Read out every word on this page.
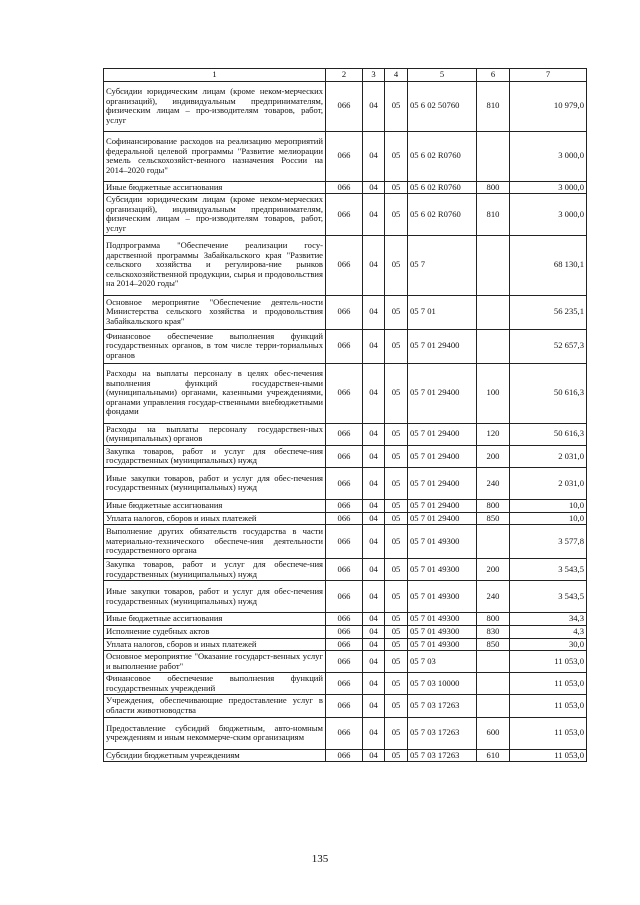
1	2	3	4	5	6	7
Субсидии юридическим лицам (кроме неком-мерческих организаций), индивидуальным предпринимателям, физическим лицам – про-изводителям товаров, работ, услуг	066	04	05	05 6 02 50760	810	10 979,0
Софинансирование расходов на реализацию мероприятий федеральной целевой программы "Развитие мелиорации земель сельскохозяйст-венного назначения России на 2014–2020 годы"	066	04	05	05 6 02 R0760		3 000,0
Иные бюджетные ассигнования	066	04	05	05 6 02 R0760	800	3 000,0
Субсидии юридическим лицам (кроме неком-мерческих организаций), индивидуальным предпринимателям, физическим лицам – про-изводителям товаров, работ, услуг	066	04	05	05 6 02 R0760	810	3 000,0
Подпрограмма "Обеспечение реализации госу-дарственной программы Забайкальского края "Развитие сельского хозяйства и регулирова-ние рынков сельскохозяйственной продукции, сырья и продовольствия на 2014–2020 годы"	066	04	05	05 7		68 130,1
Основное мероприятие "Обеспечение деятель-ности Министерства сельского хозяйства и продовольствия Забайкальского края"	066	04	05	05 7 01		56 235,1
Финансовое обеспечение выполнения функций государственных органов, в том числе терри-ториальных органов	066	04	05	05 7 01 29400		52 657,3
Расходы на выплаты персоналу в целях обес-печения выполнения функций государствен-ными (муниципальными) органами, казенными учреждениями, органами управления государ-ственными внебюджетными фондами	066	04	05	05 7 01 29400	100	50 616,3
Расходы на выплаты персоналу государствен-ных (муниципальных) органов	066	04	05	05 7 01 29400	120	50 616,3
Закупка товаров, работ и услуг для обеспече-ния государственных (муниципальных) нужд	066	04	05	05 7 01 29400	200	2 031,0
Иные закупки товаров, работ и услуг для обес-печения государственных (муниципальных) нужд	066	04	05	05 7 01 29400	240	2 031,0
Иные бюджетные ассигнования	066	04	05	05 7 01 29400	800	10,0
Уплата налогов, сборов и иных платежей	066	04	05	05 7 01 29400	850	10,0
Выполнение других обязательств государства в части материально-технического обеспече-ния деятельности государственного органа	066	04	05	05 7 01 49300		3 577,8
Закупка товаров, работ и услуг для обеспече-ния государственных (муниципальных) нужд	066	04	05	05 7 01 49300	200	3 543,5
Иные закупки товаров, работ и услуг для обес-печения государственных (муниципальных) нужд	066	04	05	05 7 01 49300	240	3 543,5
Иные бюджетные ассигнования	066	04	05	05 7 01 49300	800	34,3
Исполнение судебных актов	066	04	05	05 7 01 49300	830	4,3
Уплата налогов, сборов и иных платежей	066	04	05	05 7 01 49300	850	30,0
Основное мероприятие "Оказание государст-венных услуг и выполнение работ"	066	04	05	05 7 03		11 053,0
Финансовое обеспечение выполнения функций государственных учреждений	066	04	05	05 7 03 10000		11 053,0
Учреждения, обеспечивающие предоставление услуг в области животноводства	066	04	05	05 7 03 17263		11 053,0
Предоставление субсидий бюджетным, авто-номным учреждениям и иным некоммерче-ским организациям	066	04	05	05 7 03 17263	600	11 053,0
Субсидии бюджетным учреждениям	066	04	05	05 7 03 17263	610	11 053,0
135
